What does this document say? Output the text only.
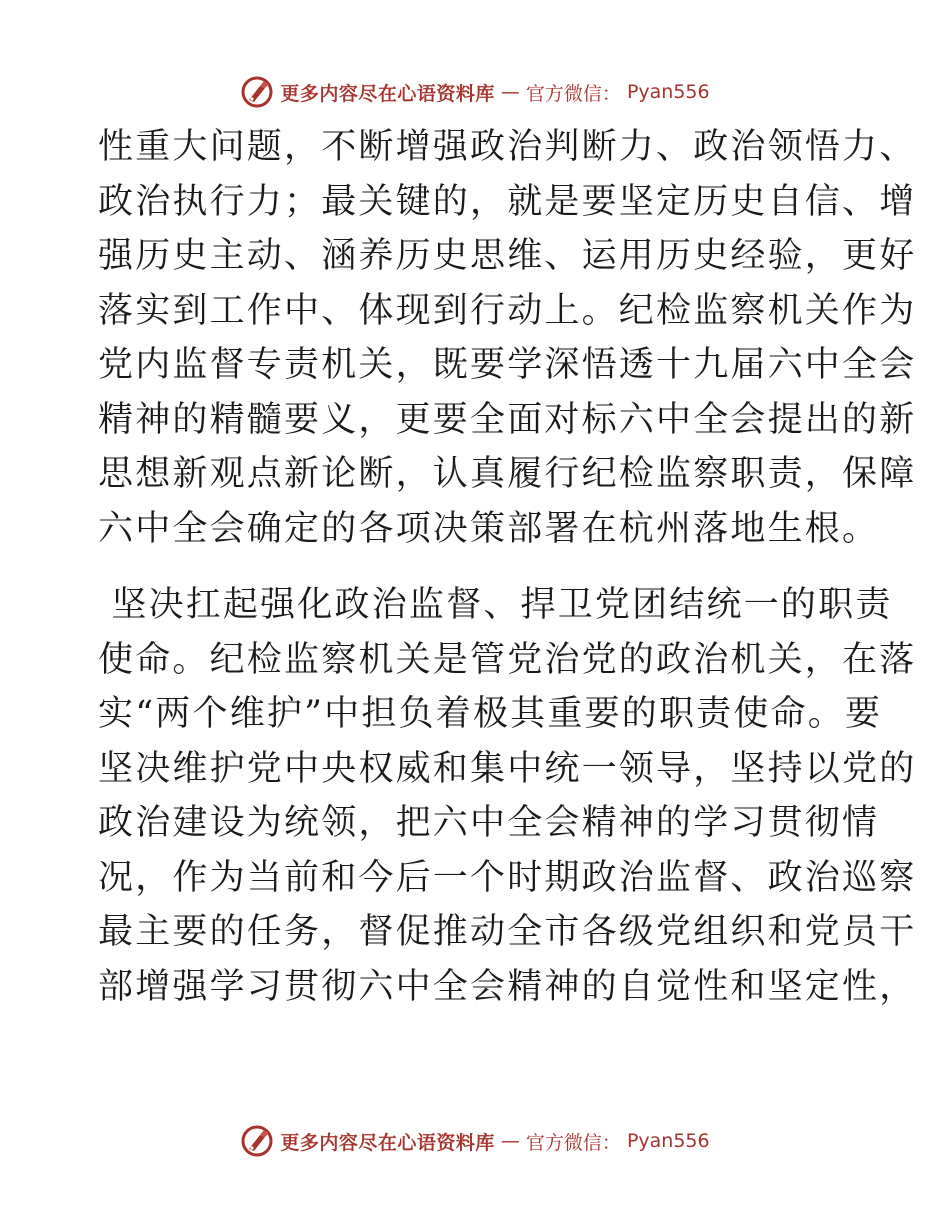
更多内容尽在心语资料库 — 官方微信： Pyan556
性重大问题，不断增强政治判断力、政治领悟力、
政治执行力；最关键的，就是要坚定历史自信、增
强历史主动、涵养历史思维、运用历史经验，更好
落实到工作中、体现到行动上。纪检监察机关作为
党内监督专责机关，既要学深悟透十九届六中全会
精神的精髓要义，更要全面对标六中全会提出的新
思想新观点新论断，认真履行纪检监察职责，保障
六中全会确定的各项决策部署在杭州落地生根。
坚决扛起强化政治监督、捍卫党团结统一的职责
使命。纪检监察机关是管党治党的政治机关，在落
实“两个维护”中担负着极其重要的职责使命。要
坚决维护党中央权威和集中统一领导，坚持以党的
政治建设为统领，把六中全会精神的学习贯彻情
况，作为当前和今后一个时期政治监督、政治巡察
最主要的任务，督促推动全市各级党组织和党员干
部增强学习贯彻六中全会精神的自觉性和坚定性，
更多内容尽在心语资料库 — 官方微信： Pyan556
